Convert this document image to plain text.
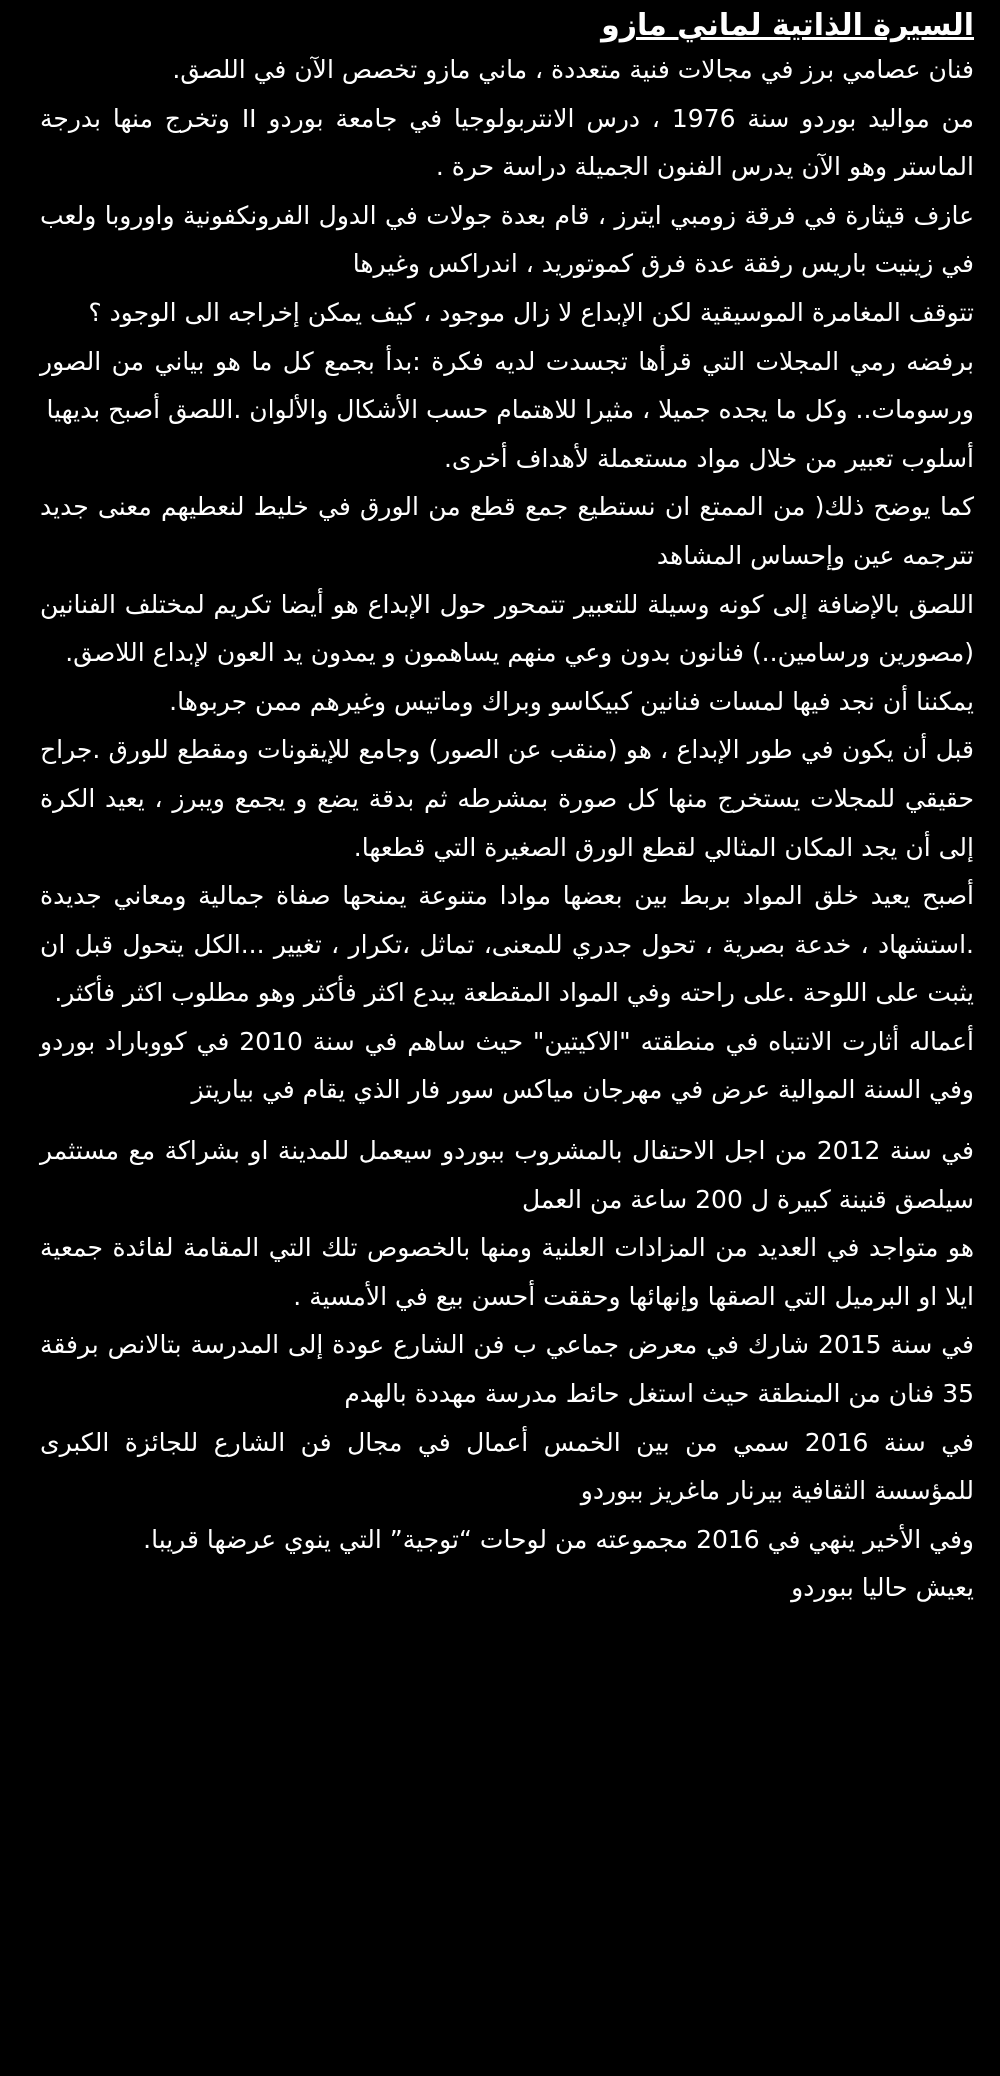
السيرة الذاتية لماني مازو

فنان عصامي برز في مجالات فنية متعددة ، ماني مازو تخصص الآن في اللصق.

من مواليد بوردو سنة 1976 ، درس الانتربولوجيا في جامعة بوردو II وتخرج منها بدرجة الماستر وهو الآن يدرس الفنون الجميلة دراسة حرة .

عازف قيثارة في فرقة زومبي ايترز ، قام بعدة جولات في الدول الفرونكفونية واوروبا ولعب في زينيت باريس رفقة عدة فرق كموتوريد ، اندراكس وغيرها

تتوقف المغامرة الموسيقية لكن الإبداع لا زال موجود ، كيف يمكن إخراجه الى الوجود ؟

برفضه رمي المجلات التي قرأها تجسدت لديه فكرة :بدأ بجمع كل ما هو بياني من الصور ورسومات.. وكل ما يجده جميلا ، مثيرا للاهتمام حسب الأشكال والألوان .اللصق أصبح بديهيا

أسلوب تعبير من خلال مواد مستعملة لأهداف أخرى.

كما يوضح ذلك( من الممتع ان نستطيع جمع قطع من الورق في خليط لنعطيهم معنى جديد تترجمه عين وإحساس المشاهد

اللصق بالإضافة إلى كونه وسيلة للتعبير تتمحور حول الإبداع هو أيضا تكريم لمختلف الفنانين (مصورين ورسامين..) فنانون بدون وعي منهم يساهمون و يمدون يد العون لإبداع اللاصق.

يمكننا أن نجد فيها لمسات فنانين كبيكاسو وبراك وماتيس وغيرهم ممن جربوها.

قبل أن يكون في طور الإبداع ، هو (منقب عن الصور) وجامع للإيقونات ومقطع للورق .جراح حقيقي للمجلات يستخرج منها كل صورة بمشرطه ثم بدقة يضع و يجمع ويبرز ، يعيد الكرة إلى أن يجد المكان المثالي لقطع الورق الصغيرة التي قطعها.

أصبح يعيد خلق المواد بربط بين بعضها موادا متنوعة يمنحها صفاة جمالية ومعاني جديدة .استشهاد ، خدعة بصرية ، تحول جدري للمعنى، تماثل ،تكرار ، تغيير ...الكل يتحول قبل ان يثبت على اللوحة .على راحته وفي المواد المقطعة يبدع اكثر فأكثر وهو مطلوب اكثر فأكثر.

أعماله أثارت الانتباه في منطقته "الاكيتين" حيث ساهم في سنة 2010 في كووباراد بوردو وفي السنة الموالية عرض في مهرجان مياكس سور فار الذي يقام في بياريتز

في سنة 2012 من اجل الاحتفال بالمشروب ببوردو سيعمل للمدينة او بشراكة مع مستثمر سيلصق قنينة كبيرة ل 200 ساعة من العمل

هو متواجد في العديد من المزادات العلنية ومنها بالخصوص تلك التي المقامة لفائدة جمعية ايلا او البرميل التي الصقها وإنهائها وحققت أحسن بيع في الأمسية .

في سنة 2015 شارك في معرض جماعي ب فن الشارع عودة إلى المدرسة بتالانص برفقة 35 فنان من المنطقة حيث استغل حائط مدرسة مهددة بالهدم

في سنة 2016 سمي من بين الخمس أعمال في مجال فن الشارع للجائزة الكبرى للمؤسسة الثقافية بيرنار ماغريز ببوردو

وفي الأخير ينهي في 2016 مجموعته من لوحات “توجية” التي ينوي عرضها قريبا.

يعيش حاليا ببوردو
